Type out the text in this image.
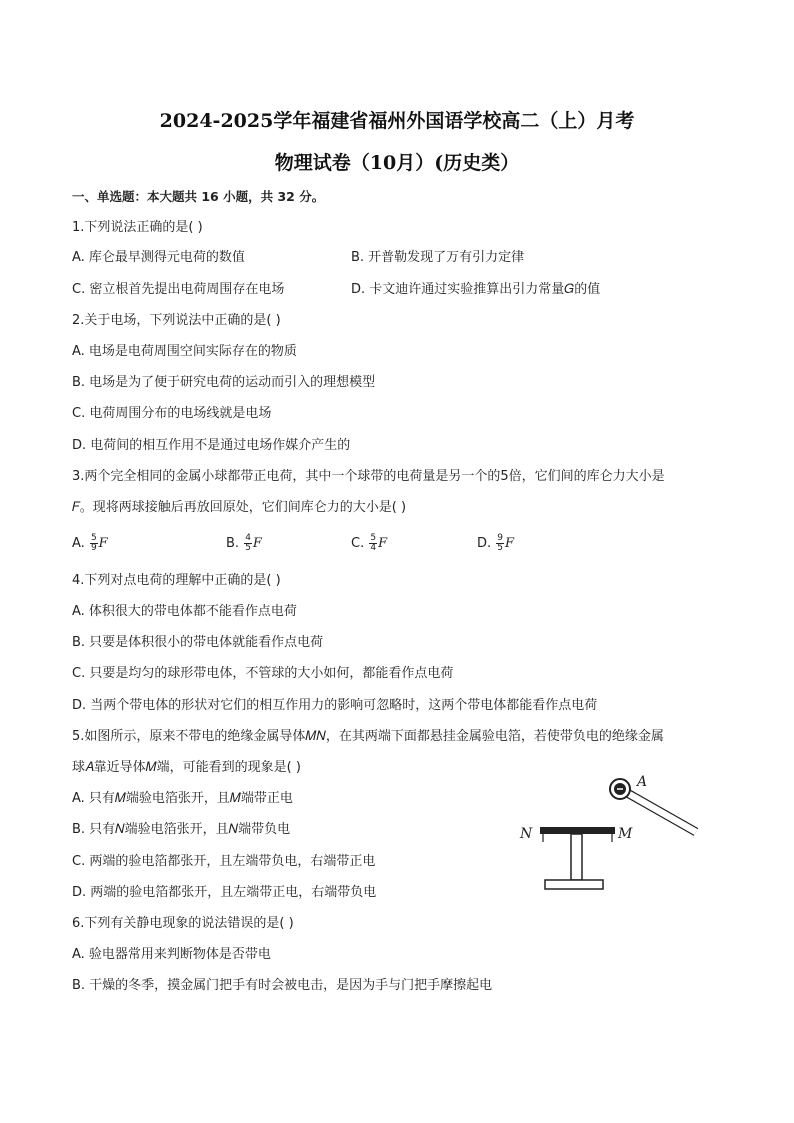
2024-2025学年福建省福州外国语学校高二（上）月考
物理试卷（10月）(历史类）
一、单选题：本大题共 16 小题，共 32 分。
1.下列说法正确的是( )
A. 库仑最早测得元电荷的数值	B. 开普勒发现了万有引力定律
C. 密立根首先提出电荷周围存在电场	D. 卡文迪许通过实验推算出引力常量𝐺的值
2.关于电场，下列说法中正确的是( )
A. 电场是电荷周围空间实际存在的物质
B. 电场是为了便于研究电荷的运动而引入的理想模型
C. 电荷周围分布的电场线就是电场
D. 电荷间的相互作用不是通过电场作媒介产生的
3.两个完全相同的金属小球都带正电荷，其中一个球带的电荷量是另一个的5倍，它们间的库仑力大小是
𝐹。现将两球接触后再放回原处，它们间库仑力的大小是( )
A. $\frac{5}{9}$ 𝐹	B. $\frac{4}{5}$ 𝐹	C. $\frac{5}{4}$ 𝐹	D. $\frac{9}{5}$ 𝐹
4.下列对点电荷的理解中正确的是( )
A. 体积很大的带电体都不能看作点电荷
B. 只要是体积很小的带电体就能看作点电荷
C. 只要是均匀的球形带电体，不管球的大小如何，都能看作点电荷
D. 当两个带电体的形状对它们的相互作用力的影响可忽略时，这两个带电体都能看作点电荷
5.如图所示，原来不带电的绝缘金属导体𝑀𝑁，在其两端下面都悬挂金属验电箔，若使带负电的绝缘金属
球𝐴靠近导体𝑀端，可能看到的现象是( )
A. 只有𝑀端验电箔张开，且𝑀端带正电
B. 只有𝑁端验电箔张开，且𝑁端带负电
C. 两端的验电箔都张开，且左端带负电，右端带正电
D. 两端的验电箔都张开，且左端带正电，右端带负电
A
N	M
6.下列有关静电现象的说法错误的是( )
A. 验电器常用来判断物体是否带电
B. 干燥的冬季，摸金属门把手有时会被电击，是因为手与门把手摩擦起电
